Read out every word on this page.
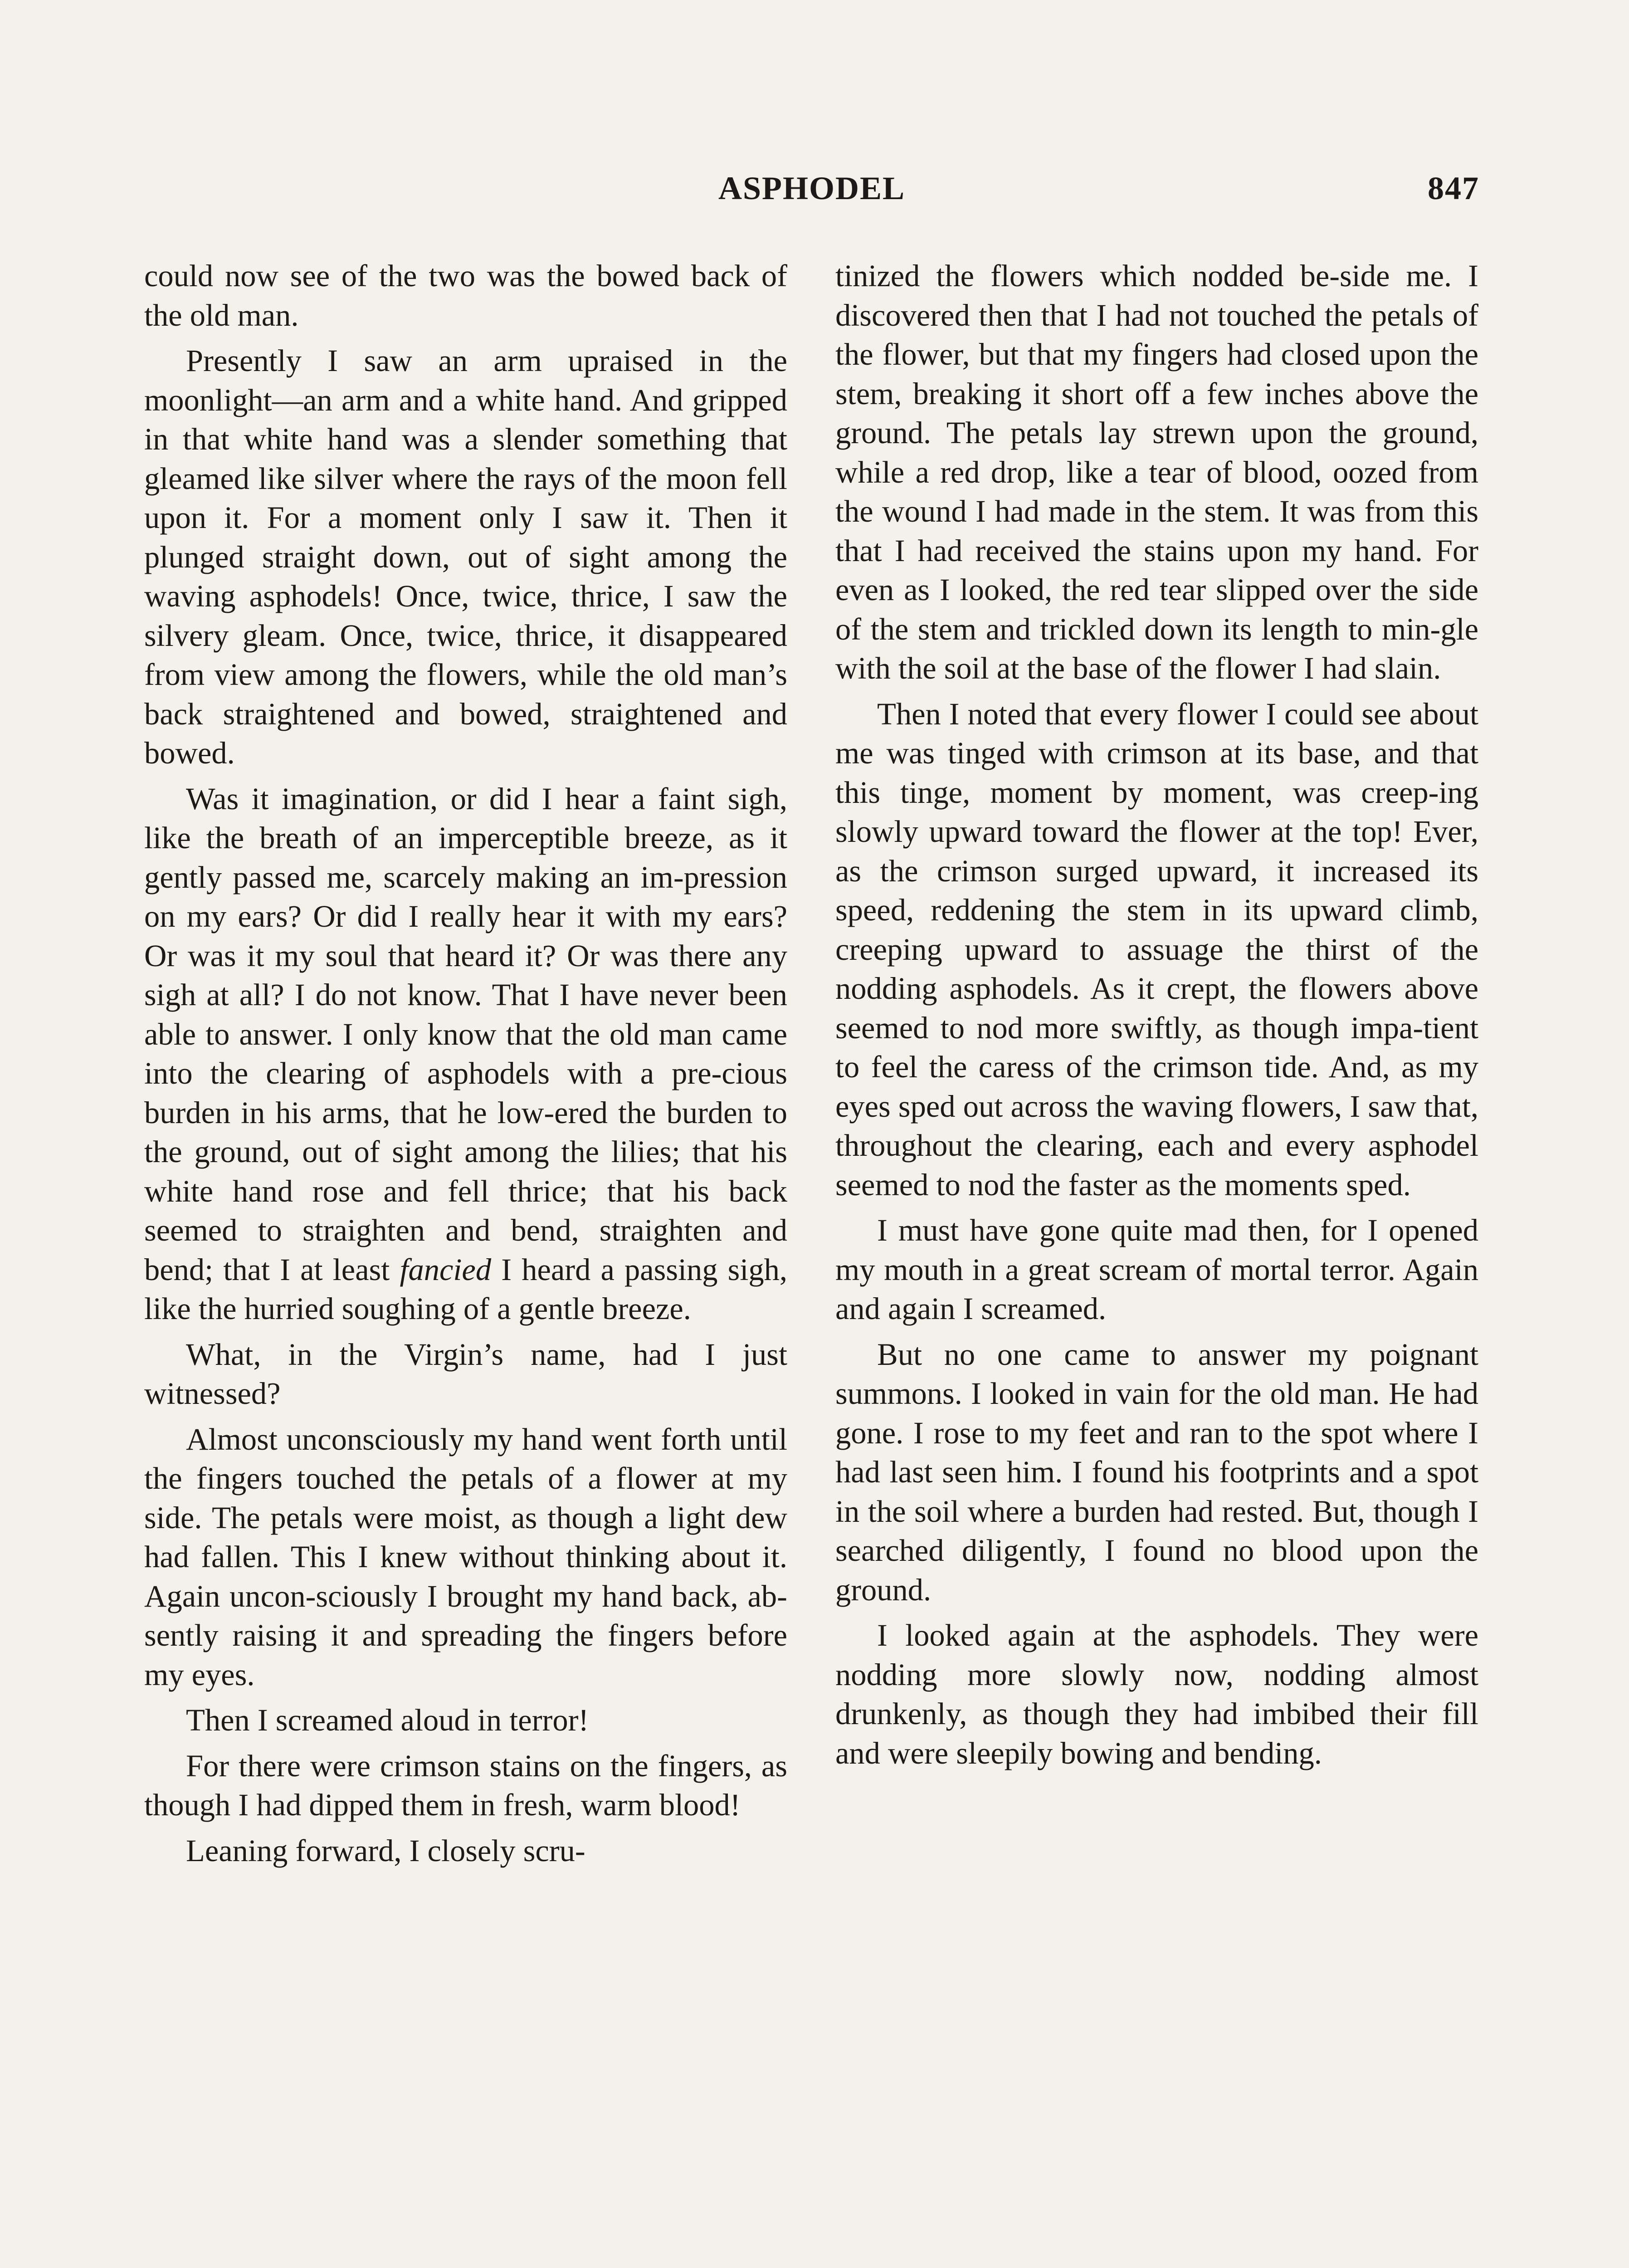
ASPHODEL	847

could now see of the two was the bowed back of the old man.

Presently I saw an arm upraised in the moonlight—an arm and a white hand. And gripped in that white hand was a slender something that gleamed like silver where the rays of the moon fell upon it. For a moment only I saw it. Then it plunged straight down, out of sight among the waving asphodels! Once, twice, thrice, I saw the silvery gleam. Once, twice, thrice, it disappeared from view among the flowers, while the old man’s back straightened and bowed, straightened and bowed.

Was it imagination, or did I hear a faint sigh, like the breath of an imperceptible breeze, as it gently passed me, scarcely making an im-pression on my ears? Or did I really hear it with my ears? Or was it my soul that heard it? Or was there any sigh at all? I do not know. That I have never been able to answer. I only know that the old man came into the clearing of asphodels with a pre-cious burden in his arms, that he low-ered the burden to the ground, out of sight among the lilies; that his white hand rose and fell thrice; that his back seemed to straighten and bend, straighten and bend; that I at least fancied I heard a passing sigh, like the hurried soughing of a gentle breeze.

What, in the Virgin’s name, had I just witnessed?

Almost unconsciously my hand went forth until the fingers touched the petals of a flower at my side. The petals were moist, as though a light dew had fallen. This I knew without thinking about it. Again uncon-sciously I brought my hand back, ab-sently raising it and spreading the fingers before my eyes.

Then I screamed aloud in terror!

For there were crimson stains on the fingers, as though I had dipped them in fresh, warm blood!

Leaning forward, I closely scru-

tinized the flowers which nodded be-side me. I discovered then that I had not touched the petals of the flower, but that my fingers had closed upon the stem, breaking it short off a few inches above the ground. The petals lay strewn upon the ground, while a red drop, like a tear of blood, oozed from the wound I had made in the stem. It was from this that I had received the stains upon my hand. For even as I looked, the red tear slipped over the side of the stem and trickled down its length to min-gle with the soil at the base of the flower I had slain.

Then I noted that every flower I could see about me was tinged with crimson at its base, and that this tinge, moment by moment, was creep-ing slowly upward toward the flower at the top! Ever, as the crimson surged upward, it increased its speed, reddening the stem in its upward climb, creeping upward to assuage the thirst of the nodding asphodels. As it crept, the flowers above seemed to nod more swiftly, as though impa-tient to feel the caress of the crimson tide. And, as my eyes sped out across the waving flowers, I saw that, throughout the clearing, each and every asphodel seemed to nod the faster as the moments sped.

I must have gone quite mad then, for I opened my mouth in a great scream of mortal terror. Again and again I screamed.

But no one came to answer my poignant summons. I looked in vain for the old man. He had gone. I rose to my feet and ran to the spot where I had last seen him. I found his footprints and a spot in the soil where a burden had rested. But, though I searched diligently, I found no blood upon the ground.

I looked again at the asphodels. They were nodding more slowly now, nodding almost drunkenly, as though they had imbibed their fill and were sleepily bowing and bending.
